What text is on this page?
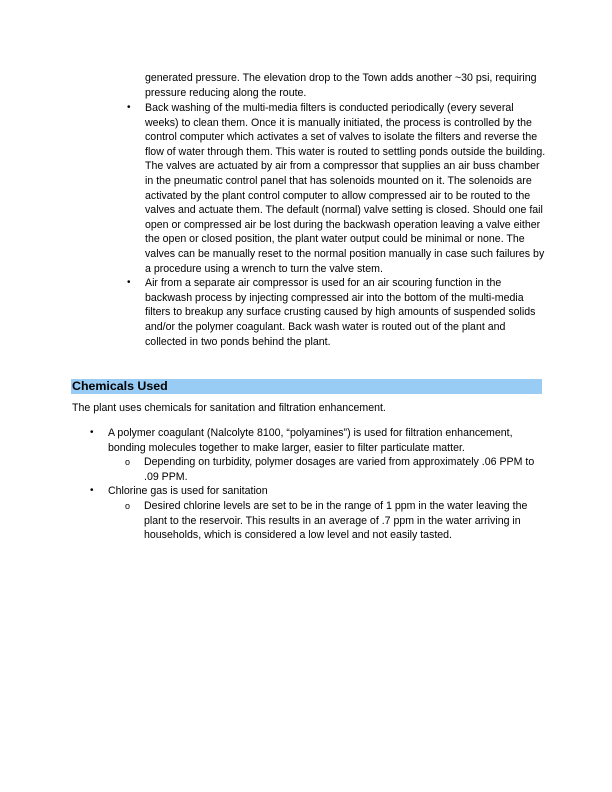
generated pressure. The elevation drop to the Town adds another ~30 psi, requiring pressure reducing along the route.
• Back washing of the multi-media filters is conducted periodically (every several weeks) to clean them. Once it is manually initiated, the process is controlled by the control computer which activates a set of valves to isolate the filters and reverse the flow of water through them. This water is routed to settling ponds outside the building. The valves are actuated by air from a compressor that supplies an air buss chamber in the pneumatic control panel that has solenoids mounted on it. The solenoids are activated by the plant control computer to allow compressed air to be routed to the valves and actuate them. The default (normal) valve setting is closed. Should one fail open or compressed air be lost during the backwash operation leaving a valve either the open or closed position, the plant water output could be minimal or none. The valves can be manually reset to the normal position manually in case such failures by a procedure using a wrench to turn the valve stem.
• Air from a separate air compressor is used for an air scouring function in the backwash process by injecting compressed air into the bottom of the multi-media filters to breakup any surface crusting caused by high amounts of suspended solids and/or the polymer coagulant. Back wash water is routed out of the plant and collected in two ponds behind the plant.
Chemicals Used
The plant uses chemicals for sanitation and filtration enhancement.
• A polymer coagulant (Nalcolyte 8100, “polyamines”) is used for filtration enhancement, bonding molecules together to make larger, easier to filter particulate matter.
o Depending on turbidity, polymer dosages are varied from approximately .06 PPM to .09 PPM.
• Chlorine gas is used for sanitation
o Desired chlorine levels are set to be in the range of 1 ppm in the water leaving the plant to the reservoir. This results in an average of .7 ppm in the water arriving in households, which is considered a low level and not easily tasted.
